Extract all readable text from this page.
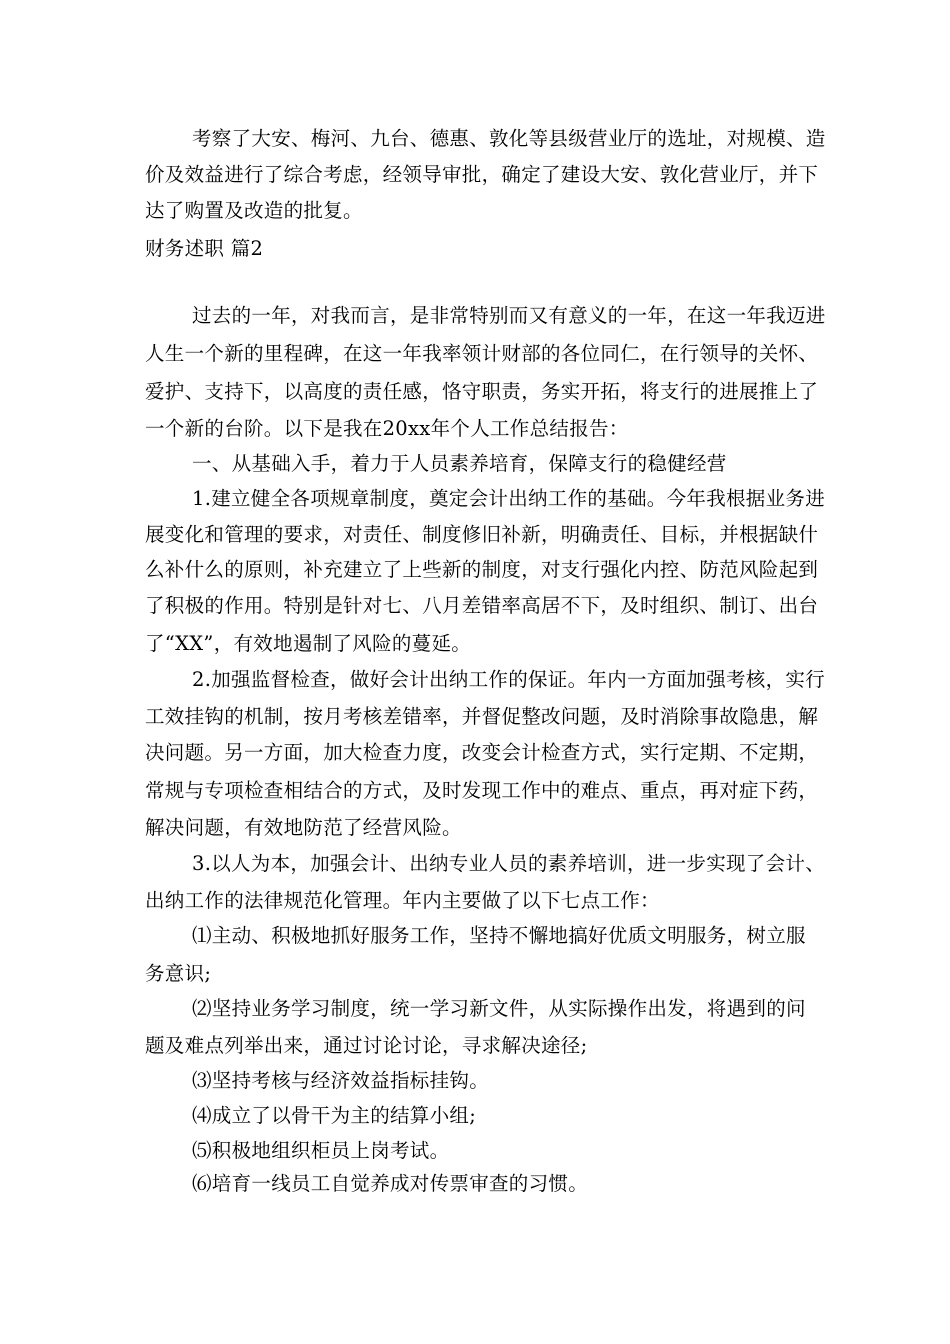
考察了大安、梅河、九台、德惠、敦化等县级营业厅的选址，对规模、造
价及效益进行了综合考虑，经领导审批，确定了建设大安、敦化营业厅，并下
达了购置及改造的批复。
财务述职 篇2
过去的一年，对我而言，是非常特别而又有意义的一年，在这一年我迈进
人生一个新的里程碑，在这一年我率领计财部的各位同仁，在行领导的关怀、
爱护、支持下，以高度的责任感，恪守职责，务实开拓，将支行的进展推上了
一个新的台阶。以下是我在20xx年个人工作总结报告：
一、从基础入手，着力于人员素养培育，保障支行的稳健经营
1.建立健全各项规章制度，奠定会计出纳工作的基础。今年我根据业务进
展变化和管理的要求，对责任、制度修旧补新，明确责任、目标，并根据缺什
么补什么的原则，补充建立了上些新的制度，对支行强化内控、防范风险起到
了积极的作用。特别是针对七、八月差错率高居不下，及时组织、制订、出台
了“XX”，有效地遏制了风险的蔓延。
2.加强监督检查，做好会计出纳工作的保证。年内一方面加强考核，实行
工效挂钩的机制，按月考核差错率，并督促整改问题，及时消除事故隐患，解
决问题。另一方面，加大检查力度，改变会计检查方式，实行定期、不定期，
常规与专项检查相结合的方式，及时发现工作中的难点、重点，再对症下药，
解决问题，有效地防范了经营风险。
3.以人为本，加强会计、出纳专业人员的素养培训，进一步实现了会计、
出纳工作的法律规范化管理。年内主要做了以下七点工作：
⑴主动、积极地抓好服务工作，坚持不懈地搞好优质文明服务，树立服
务意识;
⑵坚持业务学习制度，统一学习新文件，从实际操作出发，将遇到的问
题及难点列举出来，通过讨论讨论，寻求解决途径;
⑶坚持考核与经济效益指标挂钩。
⑷成立了以骨干为主的结算小组;
⑸积极地组织柜员上岗考试。
⑹培育一线员工自觉养成对传票审查的习惯。
